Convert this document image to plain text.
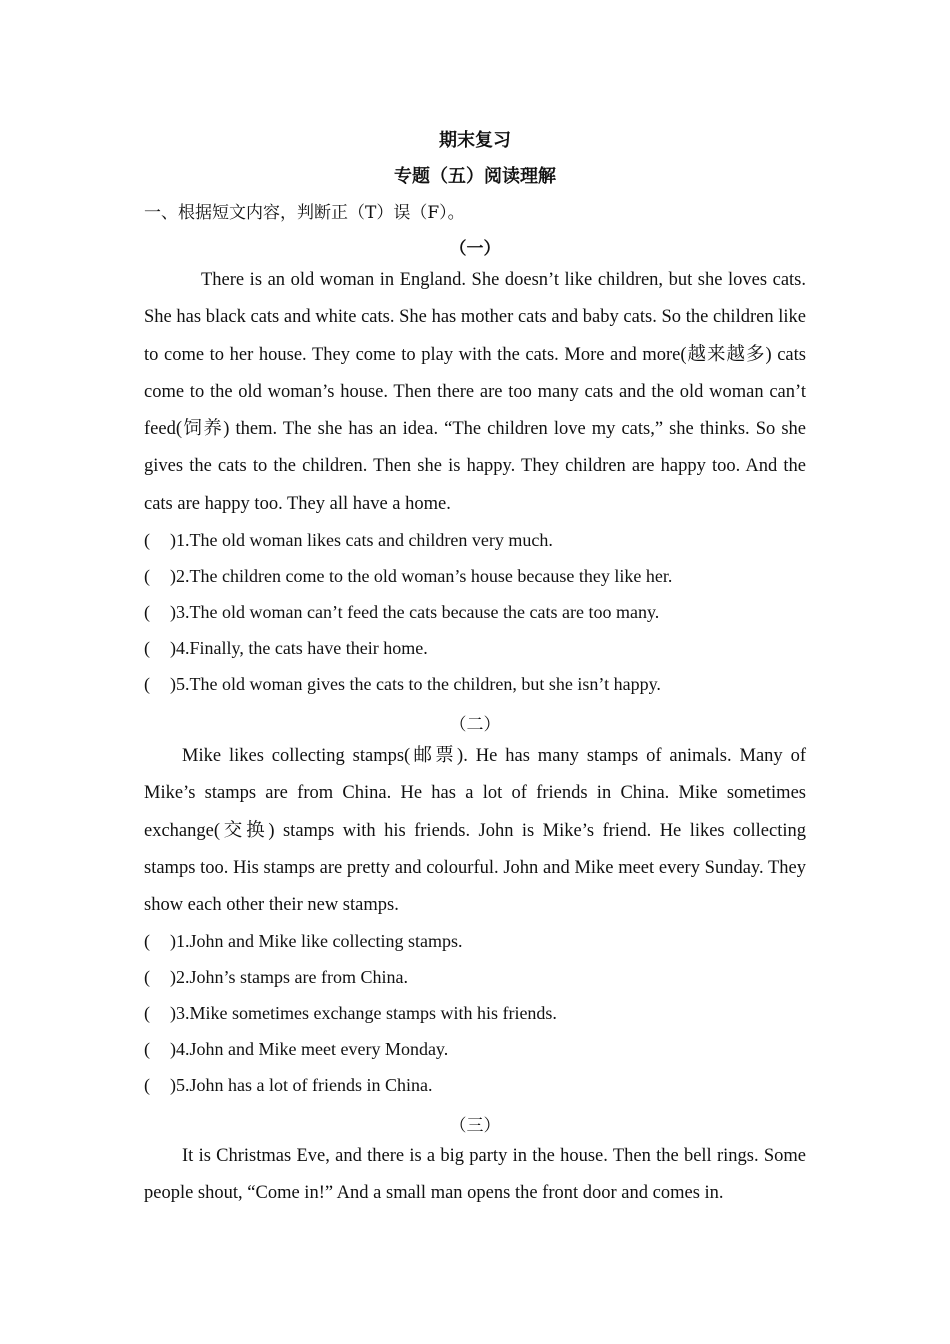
期末复习
专题（五）阅读理解
一、根据短文内容，判断正（T）误（F）。
（一）
There is an old woman in England. She doesn’t like children, but she loves cats. She has black cats and white cats. She has mother cats and baby cats. So the children like to come to her house. They come to play with the cats. More and more(越来越多) cats come to the old woman’s house. Then there are too many cats and the old woman can’t feed(饲养) them. The she has an idea. “The children love my cats,” she thinks. So she gives the cats to the children. Then she is happy. They children are happy too. And the cats are happy too. They all have a home.
( )1.The old woman likes cats and children very much.
( )2.The children come to the old woman’s house because they like her.
( )3.The old woman can’t feed the cats because the cats are too many.
( )4.Finally, the cats have their home.
( )5.The old woman gives the cats to the children, but she isn’t happy.
（二）
Mike likes collecting stamps(邮票). He has many stamps of animals. Many of Mike’s stamps are from China. He has a lot of friends in China. Mike sometimes exchange(交换) stamps with his friends. John is Mike’s friend. He likes collecting stamps too. His stamps are pretty and colourful. John and Mike meet every Sunday. They show each other their new stamps.
( )1.John and Mike like collecting stamps.
( )2.John’s stamps are from China.
( )3.Mike sometimes exchange stamps with his friends.
( )4.John and Mike meet every Monday.
( )5.John has a lot of friends in China.
（三）
It is Christmas Eve, and there is a big party in the house. Then the bell rings. Some people shout, “Come in!” And a small man opens the front door and comes in.
